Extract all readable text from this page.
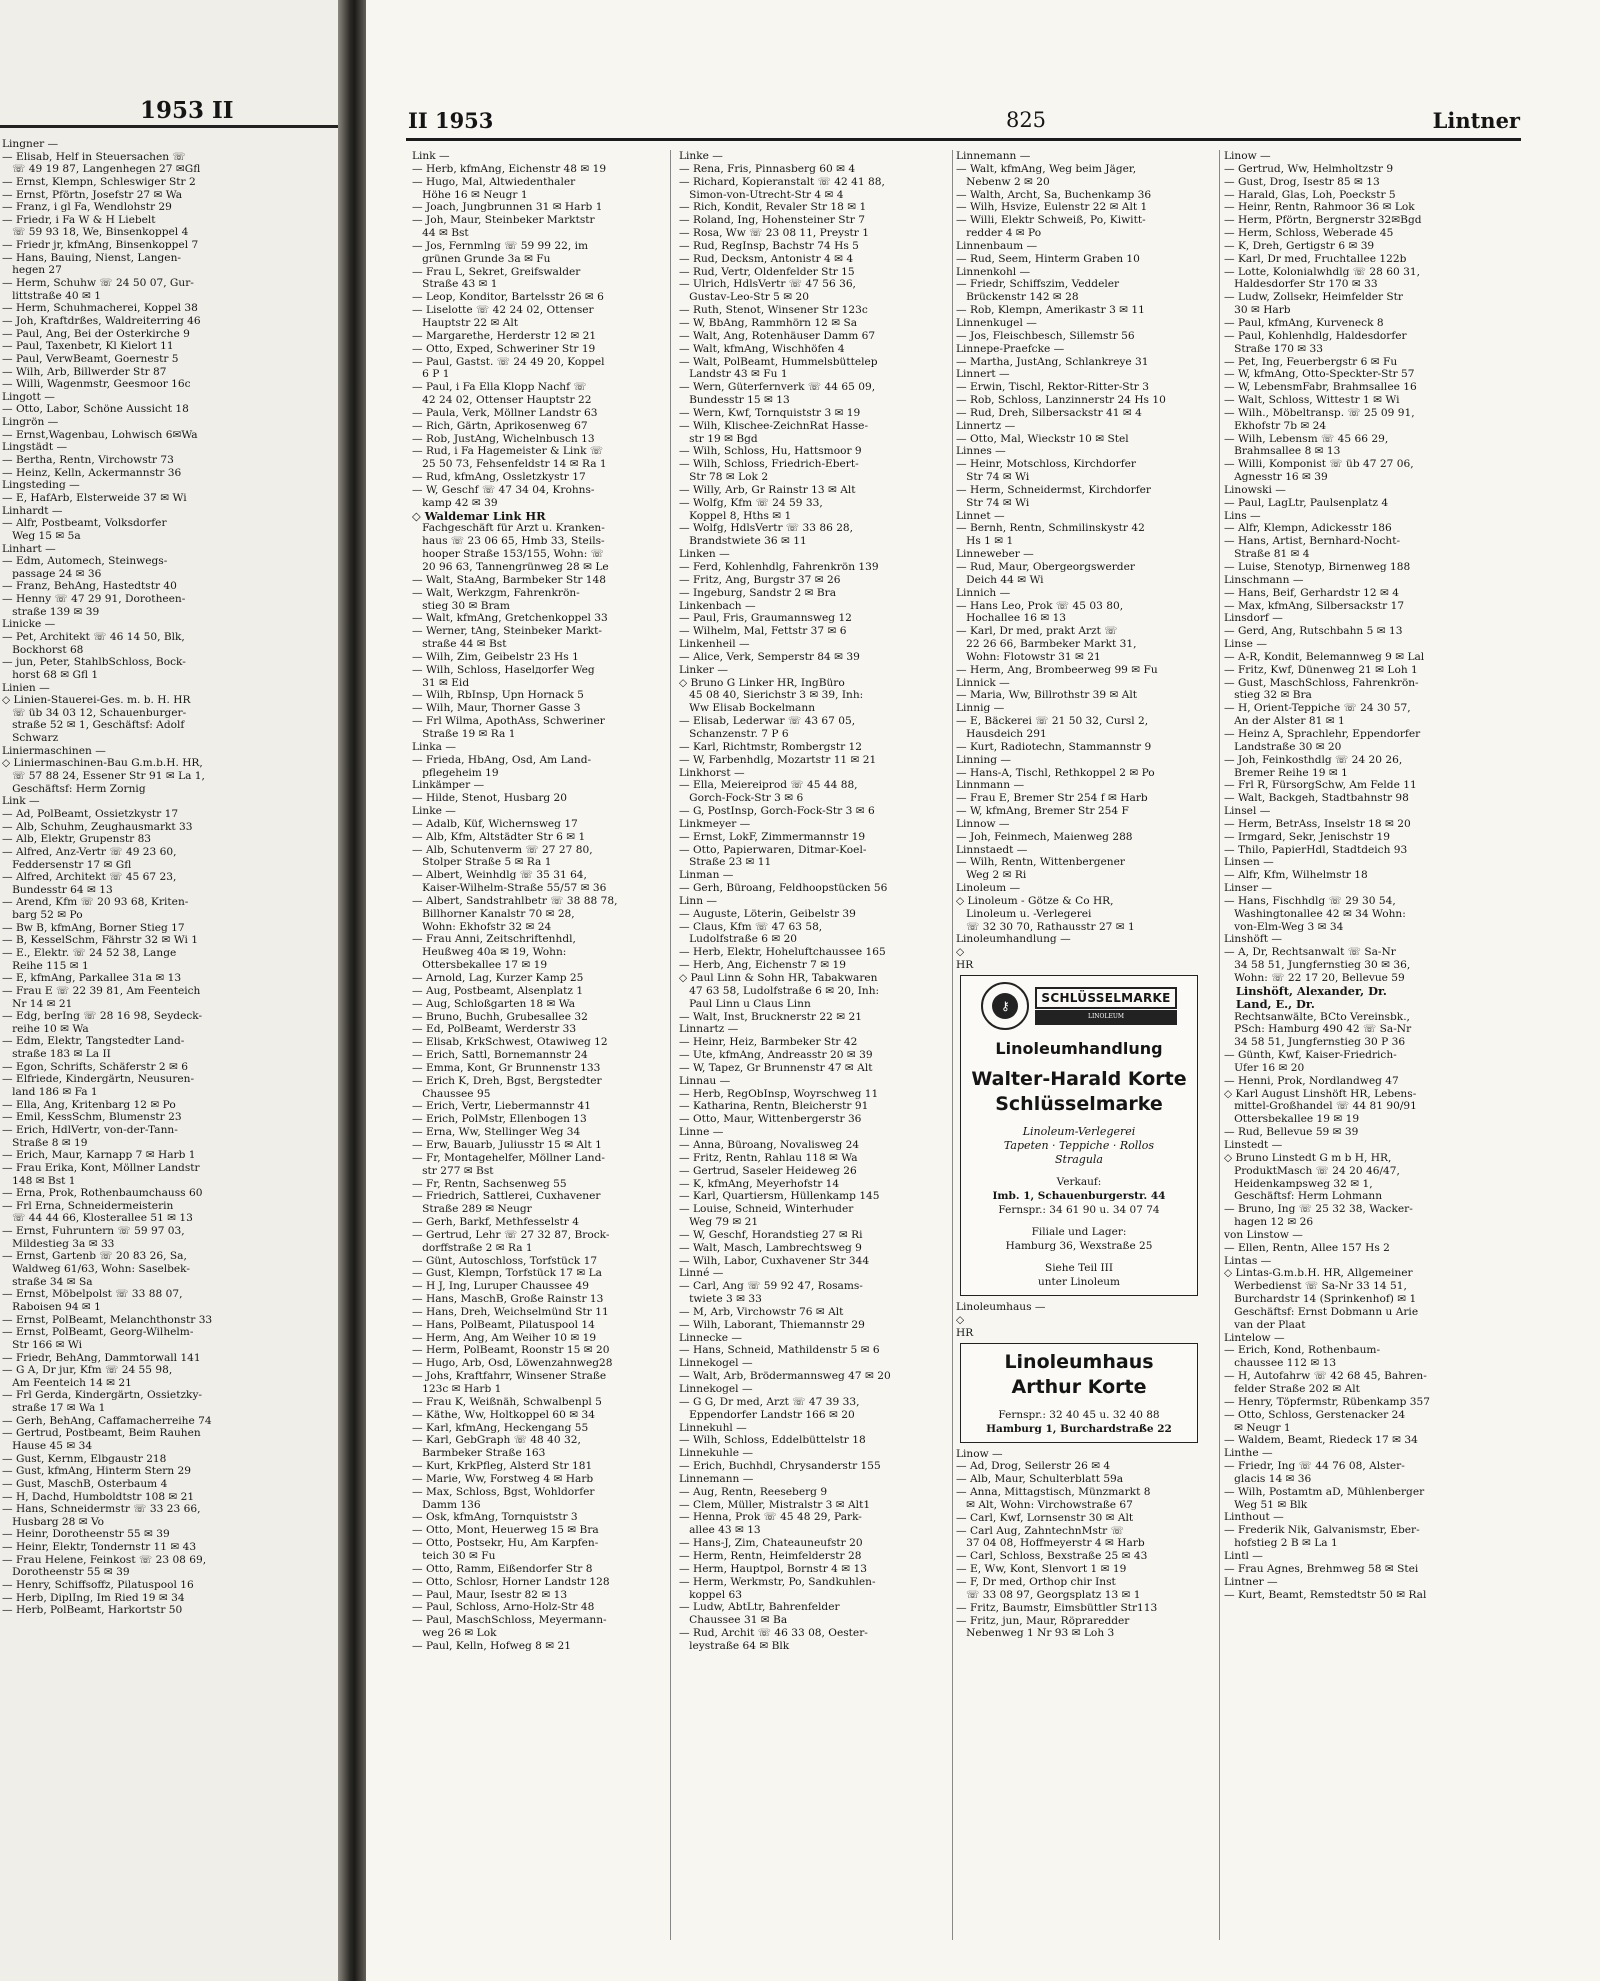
1953 II
Lingner —
— Elisab, Helf in Steuersachen ☏
☏ 49 19 87, Langenhegen 27 ✉Gfl
— Ernst, Klempn, Schleswiger Str 2
— Ernst, Pförtn, Josefstr 27 ✉ Wa
— Franz, i gl Fa, Wendlohstr 29
— Friedr, i Fa W & H Liebelt
☏ 59 93 18, We, Binsenkoppel 4
— Friedr jr, kfmAng, Binsenkoppel 7
— Hans, Bauing, Nienst, Langen-
hegen 27
— Herm, Schuhw ☏ 24 50 07, Gur-
littstraße 40 ✉ 1
— Herm, Schuhmacherei, Koppel 38
— Joh, Kraftdrßes, Waldreiterring 46
— Paul, Ang, Bei der Osterkirche 9
— Paul, Taxenbetr, Kl Kielort 11
— Paul, VerwBeamt, Goernestr 5
— Wilh, Arb, Billwerder Str 87
— Willi, Wagenmstr, Geesmoor 16c
Lingott —
— Otto, Labor, Schöne Aussicht 18
Lingrön —
— Ernst,Wagenbau, Lohwisch 6✉Wa
Lingstädt —
— Bertha, Rentn, Virchowstr 73
— Heinz, Kelln, Ackermannstr 36
Lingsteding —
— E, HafArb, Elsterweide 37 ✉ Wi
Linhardt —
— Alfr, Postbeamt, Volksdorfer
Weg 15 ✉ 5a
Linhart —
— Edm, Automech, Steinwegs-
passage 24 ✉ 36
— Franz, BehAng, Hastedtstr 40
— Henny ☏ 47 29 91, Dorotheen-
straße 139 ✉ 39
Linicke —
— Pet, Architekt ☏ 46 14 50, Blk,
Bockhorst 68
— jun, Peter, StahlbSchloss, Bock-
horst 68 ✉ Gfl 1
Linien —
◇ Linien-Stauerei-Ges. m. b. H. HR
☏ üb 34 03 12, Schauenburger-
straße 52 ✉ 1, Geschäftsf: Adolf
Schwarz
Liniermaschinen —
◇ Liniermaschinen-Bau G.m.b.H. HR,
☏ 57 88 24, Essener Str 91 ✉ La 1,
Geschäftsf: Herm Zornig
Link —
— Ad, PolBeamt, Ossietzkystr 17
— Alb, Schuhm, Zeughausmarkt 33
— Alb, Elektr, Grupenstr 83
— Alfred, Anz-Vertr ☏ 49 23 60,
Feddersenstr 17 ✉ Gfl
— Alfred, Architekt ☏ 45 67 23,
Bundesstr 64 ✉ 13
— Arend, Kfm ☏ 20 93 68, Kriten-
barg 52 ✉ Po
— Bw B, kfmAng, Borner Stieg 17
— B, KesselSchm, Fährstr 32 ✉ Wi 1
— E., Elektr. ☏ 24 52 38, Lange
Reihe 115 ✉ 1
— E, kfmAng, Parkallee 31a ✉ 13
— Frau E ☏ 22 39 81, Am Feenteich
Nr 14 ✉ 21
— Edg, berIng ☏ 28 16 98, Seydeck-
reihe 10 ✉ Wa
— Edm, Elektr, Tangstedter Land-
straße 183 ✉ La II
— Egon, Schrifts, Schäferstr 2 ✉ 6
— Elfriede, Kindergärtn, Neusuren-
land 186 ✉ Fa 1
— Ella, Ang, Kritenbarg 12 ✉ Po
— Emil, KessSchm, Blumenstr 23
— Erich, HdlVertr, von-der-Tann-
Straße 8 ✉ 19
— Erich, Maur, Karnapp 7 ✉ Harb 1
— Frau Erika, Kont, Möllner Landstr
148 ✉ Bst 1
— Erna, Prok, Rothenbaumchauss 60
— Frl Erna, Schneidermeisterin
☏ 44 44 66, Klosterallee 51 ✉ 13
— Ernst, Fuhruntern ☏ 59 97 03,
Mildestieg 3a ✉ 33
— Ernst, Gartenb ☏ 20 83 26, Sa,
Waldweg 61/63, Wohn: Saselbek-
straße 34 ✉ Sa
— Ernst, Möbelpolst ☏ 33 88 07,
Raboisen 94 ✉ 1
— Ernst, PolBeamt, Melanchthonstr 33
— Ernst, PolBeamt, Georg-Wilhelm-
Str 166 ✉ Wi
— Friedr, BehAng, Dammtorwall 141
— G A, Dr jur, Kfm ☏ 24 55 98,
Am Feenteich 14 ✉ 21
— Frl Gerda, Kindergärtn, Ossietzky-
straße 17 ✉ Wa 1
— Gerh, BehAng, Caffamacherreihe 74
— Gertrud, Postbeamt, Beim Rauhen
Hause 45 ✉ 34
— Gust, Kernm, Elbgaustr 218
— Gust, kfmAng, Hinterm Stern 29
— Gust, MaschB, Osterbaum 4
— H, Dachd, Humboldtstr 108 ✉ 21
— Hans, Schneidermstr ☏ 33 23 66,
Husbarg 28 ✉ Vo
— Heinr, Dorotheenstr 55 ✉ 39
— Heinr, Elektr, Tondernstr 11 ✉ 43
— Frau Helene, Feinkost ☏ 23 08 69,
Dorotheenstr 55 ✉ 39
— Henry, Schiffsoffz, Pilatuspool 16
— Herb, DiplIng, Im Ried 19 ✉ 34
— Herb, PolBeamt, Harkortstr 50
II 1953	825	Lintner
Link —
— Herb, kfmAng, Eichenstr 48 ✉ 19
— Hugo, Mal, Altwiedenthaler
Höhe 16 ✉ Neugr 1
— Joach, Jungbrunnen 31 ✉ Harb 1
— Joh, Maur, Steinbeker Marktstr
44 ✉ Bst
— Jos, Fernmlng ☏ 59 99 22, im
grünen Grunde 3a ✉ Fu
— Frau L, Sekret, Greifswalder
Straße 43 ✉ 1
— Leop, Konditor, Bartelsstr 26 ✉ 6
— Liselotte ☏ 42 24 02, Ottenser
Hauptstr 22 ✉ Alt
— Margarethe, Herderstr 12 ✉ 21
— Otto, Exped, Schweriner Str 19
— Paul, Gastst. ☏ 24 49 20, Koppel
6 P 1
— Paul, i Fa Ella Klopp Nachf ☏
42 24 02, Ottenser Hauptstr 22
— Paula, Verk, Möllner Landstr 63
— Rich, Gärtn, Aprikosenweg 67
— Rob, JustAng, Wichelnbusch 13
— Rud, i Fa Hagemeister & Link ☏
25 50 73, Fehsenfeldstr 14 ✉ Ra 1
— Rud, kfmAng, Ossletzkystr 17
— W, Geschf ☏ 47 34 04, Krohns-
kamp 42 ✉ 39
◇ Waldemar Link HR
Fachgeschäft für Arzt u. Kranken-
haus ☏ 23 06 65, Hmb 33, Steils-
hooper Straße 153/155, Wohn: ☏
20 96 63, Tannengrünweg 28 ✉ Le
— Walt, StaAng, Barmbeker Str 148
— Walt, Werkzgm, Fahrenkrön-
stieg 30 ✉ Bram
— Walt, kfmAng, Gretchenkoppel 33
— Werner, tAng, Steinbeker Markt-
straße 44 ✉ Bst
— Wilh, Zim, Geibelstr 23 Hs 1
— Wilh, Schloss, Haselдorfer Weg
31 ✉ Eid
— Wilh, RbInsp, Upn Hornack 5
— Wilh, Maur, Thorner Gasse 3
— Frl Wilma, ApothAss, Schweriner
Straße 19 ✉ Ra 1
Linka —
— Frieda, HbAng, Osd, Am Land-
pflegeheim 19
Linkämper —
— Hilde, Stenot, Husbarg 20
Linke —
— Adalb, Küf, Wichernsweg 17
— Alb, Kfm, Altstädter Str 6 ✉ 1
— Alb, Schutenverm ☏ 27 27 80,
Stolper Straße 5 ✉ Ra 1
— Albert, Weinhdlg ☏ 35 31 64,
Kaiser-Wilhelm-Straße 55/57 ✉ 36
— Albert, Sandstrahlbetr ☏ 38 88 78,
Billhorner Kanalstr 70 ✉ 28,
Wohn: Ekhofstr 32 ✉ 24
— Frau Anni, Zeitschriftenhdl,
Heußweg 40a ✉ 19, Wohn:
Ottersbekallee 17 ✉ 19
— Arnold, Lag, Kurzer Kamp 25
— Aug, Postbeamt, Alsenplatz 1
— Aug, Schloßgarten 18 ✉ Wa
— Bruno, Buchh, Grubesallee 32
— Ed, PolBeamt, Werderstr 33
— Elisab, KrkSchwest, Otawiweg 12
— Erich, Sattl, Bornemannstr 24
— Emma, Kont, Gr Brunnenstr 133
— Erich K, Dreh, Bgst, Bergstedter
Chaussee 95
— Erich, Vertr, Liebermannstr 41
— Erich, PolMstr, Ellenbogen 13
— Erna, Ww, Stellinger Weg 34
— Erw, Bauarb, Juliusstr 15 ✉ Alt 1
— Fr, Montagehelfer, Möllner Land-
str 277 ✉ Bst
— Fr, Rentn, Sachsenweg 55
— Friedrich, Sattlerei, Cuxhavener
Straße 289 ✉ Neugr
— Gerh, Barkf, Methfesselstr 4
— Gertrud, Lehr ☏ 27 32 87, Brock-
dorffstraße 2 ✉ Ra 1
— Günt, Autoschloss, Torfstück 17
— Gust, Klempn, Torfstück 17 ✉ La
— H J, Ing, Luruper Chaussee 49
— Hans, MaschB, Große Rainstr 13
— Hans, Dreh, Weichselmünd Str 11
— Hans, PolBeamt, Pilatuspool 14
— Herm, Ang, Am Weiher 10 ✉ 19
— Herm, PolBeamt, Roonstr 15 ✉ 20
— Hugo, Arb, Osd, Löwenzahnweg28
— Johs, Kraftfahrr, Winsener Straße
123c ✉ Harb 1
— Frau K, Weißnäh, Schwalbenpl 5
— Käthe, Ww, Holtkoppel 60 ✉ 34
— Karl, kfmAng, Heckengang 55
— Karl, GebGraph ☏ 48 40 32,
Barmbeker Straße 163
— Kurt, KrkPfleg, Alsterd Str 181
— Marie, Ww, Forstweg 4 ✉ Harb
— Max, Schloss, Bgst, Wohldorfer
Damm 136
— Osk, kfmAng, Tornquiststr 3
— Otto, Mont, Heuerweg 15 ✉ Bra
— Otto, Postsekr, Hu, Am Karpfen-
teich 30 ✉ Fu
— Otto, Ramm, Eißendorfer Str 8
— Otto, Schlosr, Horner Landstr 128
— Paul, Maur, Isestr 82 ✉ 13
— Paul, Schloss, Arno-Holz-Str 48
— Paul, MaschSchloss, Meyermann-
weg 26 ✉ Lok
— Paul, Kelln, Hofweg 8 ✉ 21
Linke —
— Rena, Fris, Pinnasberg 60 ✉ 4
— Richard, Kopieranstalt ☏ 42 41 88,
Simon-von-Utrecht-Str 4 ✉ 4
— Rich, Kondit, Revaler Str 18 ✉ 1
— Roland, Ing, Hohensteiner Str 7
— Rosa, Ww ☏ 23 08 11, Preystr 1
— Rud, RegInsp, Bachstr 74 Hs 5
— Rud, Decksm, Antonistr 4 ✉ 4
— Rud, Vertr, Oldenfelder Str 15
— Ulrich, HdlsVertr ☏ 47 56 36,
Gustav-Leo-Str 5 ✉ 20
— Ruth, Stenot, Winsener Str 123c
— W, BbAng, Rammhörn 12 ✉ Sa
— Walt, Ang, Rotenhäuser Damm 67
— Walt, kfmAng, Wischhöfen 4
— Walt, PolBeamt, Hummelsbüttelер
Landstr 43 ✉ Fu 1
— Wern, Güterfernverk ☏ 44 65 09,
Bundesstr 15 ✉ 13
— Wern, Kwf, Tornquiststr 3 ✉ 19
— Wilh, Klischee-ZeichnRat Hasse-
str 19 ✉ Bgd
— Wilh, Schloss, Hu, Hattsmoor 9
— Wilh, Schloss, Friedrich-Ebert-
Str 78 ✉ Lok 2
— Willy, Arb, Gr Rainstr 13 ✉ Alt
— Wolfg, Kfm ☏ 24 59 33,
Koppel 8, Hths ✉ 1
— Wolfg, HdlsVertr ☏ 33 86 28,
Brandstwiete 36 ✉ 11
Linken —
— Ferd, Kohlenhdlg, Fahrenkrön 139
— Fritz, Ang, Burgstr 37 ✉ 26
— Ingeburg, Sandstr 2 ✉ Bra
Linkenbach —
— Paul, Fris, Graumannsweg 12
— Wilhelm, Mal, Fettstr 37 ✉ 6
Linkenheil —
— Alice, Verk, Semperstr 84 ✉ 39
Linker —
◇ Bruno G Linker HR, IngBüro
45 08 40, Sierichstr 3 ✉ 39, Inh:
Ww Elisab Bockelmann
— Elisab, Lederwar ☏ 43 67 05,
Schanzenstr. 7 P 6
— Karl, Richtmstr, Rombergstr 12
— W, Farbenhdlg, Mozartstr 11 ✉ 21
Linkhorst —
— Ella, Meiereiprod ☏ 45 44 88,
Gorch-Fock-Str 3 ✉ 6
— G, PostInsp, Gorch-Fock-Str 3 ✉ 6
Linkmeyer —
— Ernst, LokF, Zimmermannstr 19
— Otto, Papierwaren, Ditmar-Koel-
Straße 23 ✉ 11
Linman —
— Gerh, Büroang, Feldhoopstücken 56
Linn —
— Auguste, Löterin, Geibelstr 39
— Claus, Kfm ☏ 47 63 58,
Ludolfstraße 6 ✉ 20
— Herb, Elektr, Hoheluftchaussee 165
— Herb, Ang, Eichenstr 7 ✉ 19
◇ Paul Linn & Sohn HR, Tabakwaren
47 63 58, Ludolfstraße 6 ✉ 20, Inh:
Paul Linn u Claus Linn
— Walt, Inst, Brucknerstr 22 ✉ 21
Linnartz —
— Heinr, Heiz, Barmbeker Str 42
— Ute, kfmAng, Andreasstr 20 ✉ 39
— W, Tapez, Gr Brunnenstr 47 ✉ Alt
Linnau —
— Herb, RegObInsp, Woyrschweg 11
— Katharina, Rentn, Bleicherstr 91
— Otto, Maur, Wittenbergerstr 36
Linne —
— Anna, Büroang, Novalisweg 24
— Fritz, Rentn, Rahlau 118 ✉ Wa
— Gertrud, Saseler Heideweg 26
— K, kfmAng, Meyerhofstr 14
— Karl, Quartiersm, Hüllenkamp 145
— Louise, Schneid, Winterhuder
Weg 79 ✉ 21
— W, Geschf, Horandstieg 27 ✉ Ri
— Walt, Masch, Lambrechtsweg 9
— Wilh, Labor, Cuxhavener Str 344
Linné —
— Carl, Ang ☏ 59 92 47, Rosams-
twiete 3 ✉ 33
— M, Arb, Virchowstr 76 ✉ Alt
— Wilh, Laborant, Thiemannstr 29
Linnecke —
— Hans, Schneid, Mathildenstr 5 ✉ 6
Linnekogel —
— Walt, Arb, Brödermannsweg 47 ✉ 20
Linnekogel —
— G G, Dr med, Arzt ☏ 47 39 33,
Eppendorfer Landstr 166 ✉ 20
Linnekuhl —
— Wilh, Schloss, Eddelbüttelstr 18
Linnekuhle —
— Erich, Buchhdl, Chrysanderstr 155
Linnemann —
— Aug, Rentn, Reeseberg 9
— Clem, Müller, Mistralstr 3 ✉ Alt1
— Henna, Prok ☏ 45 48 29, Park-
allee 43 ✉ 13
— Hans-J, Zim, Chateauneufstr 20
— Herm, Rentn, Heimfelderstr 28
— Herm, Hauptpol, Bornstr 4 ✉ 13
— Herm, Werkmstr, Po, Sandkuhlen-
koppel 63
— Ludw, AbtLtr, Bahrenfelder
Chaussee 31 ✉ Ba
— Rud, Archit ☏ 46 33 08, Oester-
leystraße 64 ✉ Blk
Linnemann —
— Walt, kfmAng, Weg beim Jäger,
Nebenw 2 ✉ 20
— Walth, Archt, Sa, Buchenkamp 36
— Wilh, Hsvize, Eulenstr 22 ✉ Alt 1
— Willi, Elektr Schweiß, Po, Kiwitt-
redder 4 ✉ Po
Linnenbaum —
— Rud, Seem, Hinterm Graben 10
Linnenkohl —
— Friedr, Schiffszim, Veddeler
Brückenstr 142 ✉ 28
— Rob, Klempn, Amerikastr 3 ✉ 11
Linnenkugel —
— Jos, Fleischbesch, Sillemstr 56
Linnepe-Praefcke —
— Martha, JustAng, Schlankreye 31
Linnert —
— Erwin, Tischl, Rektor-Ritter-Str 3
— Rob, Schloss, Lanzinnerstr 24 Hs 10
— Rud, Dreh, Silbersackstr 41 ✉ 4
Linnertz —
— Otto, Mal, Wieckstr 10 ✉ Stel
Linnes —
— Heinr, Motschloss, Kirchdorfer
Str 74 ✉ Wi
— Herm, Schneidermst, Kirchdorfer
Str 74 ✉ Wi
Linnet —
— Bernh, Rentn, Schmilinskystr 42
Hs 1 ✉ 1
Linneweber —
— Rud, Maur, Obergeorgswerder
Deich 44 ✉ Wi
Linnich —
— Hans Leo, Prok ☏ 45 03 80,
Hochallee 16 ✉ 13
— Karl, Dr med, prakt Arzt ☏
22 26 66, Barmbeker Markt 31,
Wohn: Flotowstr 31 ✉ 21
— Herm, Ang, Brombeerweg 99 ✉ Fu
Linnick —
— Maria, Ww, Billrothstr 39 ✉ Alt
Linnig —
— E, Bäckerei ☏ 21 50 32, Cursl 2,
Hausdeich 291
— Kurt, Radiotechn, Stammannstr 9
Linning —
— Hans-A, Tischl, Rethkoppel 2 ✉ Po
Linnmann —
— Frau E, Bremer Str 254 f ✉ Harb
— W, kfmAng, Bremer Str 254 F
Linnow —
— Joh, Feinmech, Maienweg 288
Linnstaedt —
— Wilh, Rentn, Wittenbergener
Weg 2 ✉ Ri
Linoleum —
◇ Linoleum - Götze & Co HR,
Linoleum u. -Verlegerei
☏ 32 30 70, Rathausstr 27 ✉ 1
Linoleumhandlung —
◇
HR
⚷
SCHLÜSSELMARKE
LINOLEUM
Linoleumhandlung
Walter-Harald Korte
Schlüsselmarke
Linoleum-Verlegerei
Tapeten · Teppiche · Rollos
Stragula
Verkauf:
Imb. 1, Schauenburgerstr. 44
Fernspr.: 34 61 90 u. 34 07 74
Filiale und Lager:
Hamburg 36, Wexstraße 25
Siehe Teil III
unter Linoleum
Linoleumhaus —
◇
HR
Linoleumhaus
Arthur Korte
Fernspr.: 32 40 45 u. 32 40 88
Hamburg 1, Burchardstraße 22
Linow —
— Ad, Drog, Seilerstr 26 ✉ 4
— Alb, Maur, Schulterblatt 59a
— Anna, Mittagstisch, Münzmarkt 8
✉ Alt, Wohn: Virchowstraße 67
— Carl, Kwf, Lornsenstr 30 ✉ Alt
— Carl Aug, ZahntechnMstr ☏
37 04 08, Hoffmeyerstr 4 ✉ Harb
— Carl, Schloss, Bexstraße 25 ✉ 43
— E, Ww, Kont, Slenvort 1 ✉ 19
— F, Dr med, Orthop chir Inst
☏ 33 08 97, Georgsplatz 13 ✉ 1
— Fritz, Baumstr, Eimsbüttler Str113
— Fritz, jun, Maur, Röpraredder
Nebenweg 1 Nr 93 ✉ Loh 3
Linow —
— Gertrud, Ww, Helmholtzstr 9
— Gust, Drog, Isestr 85 ✉ 13
— Harald, Glas, Loh, Poeckstr 5
— Heinr, Rentn, Rahmoor 36 ✉ Lok
— Herm, Pförtn, Bergnerstr 32✉Bgd
— Herm, Schloss, Weberade 45
— K, Dreh, Gertigstr 6 ✉ 39
— Karl, Dr med, Fruchtallee 122b
— Lotte, Kolonialwhdlg ☏ 28 60 31,
Haldesdorfer Str 170 ✉ 33
— Ludw, Zollsekr, Heimfelder Str
30 ✉ Harb
— Paul, kfmAng, Kurveneck 8
— Paul, Kohlenhdlg, Haldesdorfer
Straße 170 ✉ 33
— Pet, Ing, Feuerbergstr 6 ✉ Fu
— W, kfmAng, Otto-Speckter-Str 57
— W, LebensmFabr, Brahmsallee 16
— Walt, Schloss, Wittestr 1 ✉ Wi
— Wilh., Möbeltransp. ☏ 25 09 91,
Ekhofstr 7b ✉ 24
— Wilh, Lebensm ☏ 45 66 29,
Brahmsallee 8 ✉ 13
— Willi, Komponist ☏ üb 47 27 06,
Agnesstr 16 ✉ 39
Linowski —
— Paul, LagLtr, Paulsenplatz 4
Lins —
— Alfr, Klempn, Adickesstr 186
— Hans, Artist, Bernhard-Nocht-
Straße 81 ✉ 4
— Luise, Stenotyp, Birnenweg 188
Linschmann —
— Hans, Beif, Gerhardstr 12 ✉ 4
— Max, kfmAng, Silbersackstr 17
Linsdorf —
— Gerd, Ang, Rutschbahn 5 ✉ 13
Linse —
— A-R, Kondit, Belemannweg 9 ✉ Lal
— Fritz, Kwf, Dünenweg 21 ✉ Loh 1
— Gust, MaschSchloss, Fahrenkrön-
stieg 32 ✉ Bra
— H, Orient-Teppiche ☏ 24 30 57,
An der Alster 81 ✉ 1
— Heinz A, Sprachlehr, Eppendorfer
Landstraße 30 ✉ 20
— Joh, Feinkosthdlg ☏ 24 20 26,
Bremer Reihe 19 ✉ 1
— Frl R, FürsorgSchw, Am Felde 11
— Walt, Backgeh, Stadtbahnstr 98
Linsel —
— Herm, BetrAss, Inselstr 18 ✉ 20
— Irmgard, Sekr, Jenischstr 19
— Thilo, PapierHdl, Stadtdeich 93
Linsen —
— Alfr, Kfm, Wilhelmstr 18
Linser —
— Hans, Fischhdlg ☏ 29 30 54,
Washingtonallee 42 ✉ 34 Wohn:
von-Elm-Weg 3 ✉ 34
Linshöft —
— A, Dr, Rechtsanwalt ☏ Sa-Nr
34 58 51, Jungfernstieg 30 ✉ 36,
Wohn: ☏ 22 17 20, Bellevue 59
Linshöft, Alexander, Dr.
Land, E., Dr.
Rechtsanwälte, BCto Vereinsbk.,
PSch: Hamburg 490 42 ☏ Sa-Nr
34 58 51, Jungfernstieg 30 P 36
— Günth, Kwf, Kaiser-Friedrich-
Ufer 16 ✉ 20
— Henni, Prok, Nordlandweg 47
◇ Karl August Linshöft HR, Lebens-
mittel-Großhandel ☏ 44 81 90/91
Ottersbekallee 19 ✉ 19
— Rud, Bellevue 59 ✉ 39
Linstedt —
◇ Bruno Linstedt G m b H, HR,
ProduktMasch ☏ 24 20 46/47,
Heidenkampsweg 32 ✉ 1,
Geschäftsf: Herm Lohmann
— Bruno, Ing ☏ 25 32 38, Wacker-
hagen 12 ✉ 26
von Linstow —
— Ellen, Rentn, Allee 157 Hs 2
Lintas —
◇ Lintas-G.m.b.H. HR, Allgemeiner
Werbedienst ☏ Sa-Nr 33 14 51,
Burchardstr 14 (Sprinkenhof) ✉ 1
Geschäftsf: Ernst Dobmann u Arie
van der Plaat
Lintelow —
— Erich, Kond, Rothenbaum-
chaussee 112 ✉ 13
— H, Autofahrw ☏ 42 68 45, Bahren-
felder Straße 202 ✉ Alt
— Henry, Töpfermstr, Rübenkamp 357
— Otto, Schloss, Gerstenacker 24
✉ Neugr 1
— Waldem, Beamt, Riedeck 17 ✉ 34
Linthe —
— Friedr, Ing ☏ 44 76 08, Alster-
glacis 14 ✉ 36
— Wilh, Postamtm aD, Mühlenberger
Weg 51 ✉ Blk
Linthout —
— Frederik Nik, Galvanismstr, Eber-
hofstieg 2 B ✉ La 1
Lintl —
— Frau Agnes, Brehmweg 58 ✉ Stei
Lintner —
— Kurt, Beamt, Remstedtstr 50 ✉ Ral
